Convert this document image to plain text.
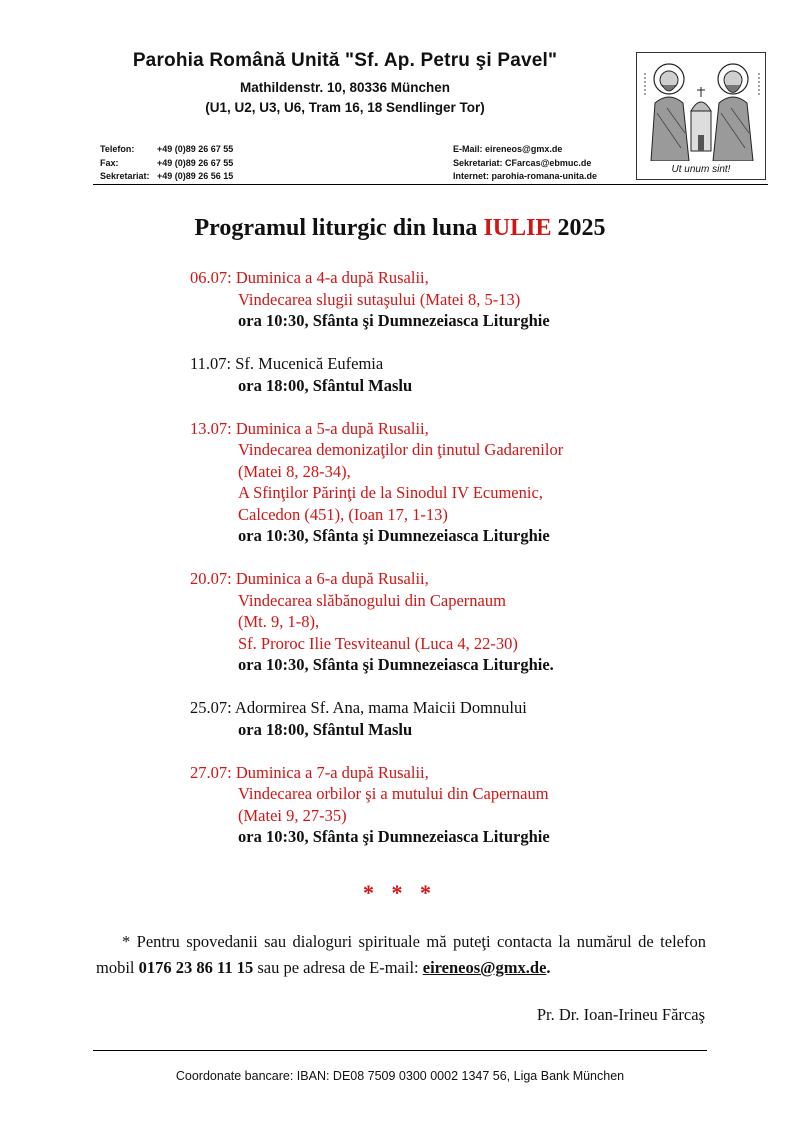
Parohia Română Unită "Sf. Ap. Petru şi Pavel"
Mathildenstr. 10, 80336 München
(U1, U2, U3, U6, Tram 16, 18 Sendlinger Tor)
Telefon:	+49 (0)89 26 67 55
Fax:	+49 (0)89 26 67 55
Sekretariat: +49 (0)89 26 56 15
E-Mail: eireneos@gmx.de
Sekretariat: CFarcas@ebmuc.de
Internet: parohia-romana-unita.de
Ut unum sint!
Programul liturgic din luna IULIE 2025
06.07: Duminica a 4-a după Rusalii,
Vindecarea slugii sutaşului (Matei 8, 5-13)
ora 10:30, Sfânta şi Dumnezeiasca Liturghie
11.07: Sf. Mucenică Eufemia
ora 18:00, Sfântul Maslu
13.07: Duminica a 5-a după Rusalii,
Vindecarea demonizaţilor din ţinutul Gadarenilor
(Matei 8, 28-34),
A Sfinţilor Părinţi de la Sinodul IV Ecumenic,
Calcedon (451), (Ioan 17, 1-13)
ora 10:30, Sfânta şi Dumnezeiasca Liturghie
20.07: Duminica a 6-a după Rusalii,
Vindecarea slăbănogului din Capernaum
(Mt. 9, 1-8),
Sf. Proroc Ilie Tesviteanul (Luca 4, 22-30)
ora 10:30, Sfânta şi Dumnezeiasca Liturghie.
25.07: Adormirea Sf. Ana, mama Maicii Domnului
ora 18:00, Sfântul Maslu
27.07: Duminica a 7-a după Rusalii,
Vindecarea orbilor şi a mutului din Capernaum
(Matei 9, 27-35)
ora 10:30, Sfânta şi Dumnezeiasca Liturghie
* * *
* Pentru spovedanii sau dialoguri spirituale mă puteţi contacta la numărul de telefon mobil 0176 23 86 11 15 sau pe adresa de E-mail: eireneos@gmx.de.
Pr. Dr. Ioan-Irineu Fărcaş
Coordonate bancare: IBAN: DE08 7509 0300 0002 1347 56, Liga Bank München
